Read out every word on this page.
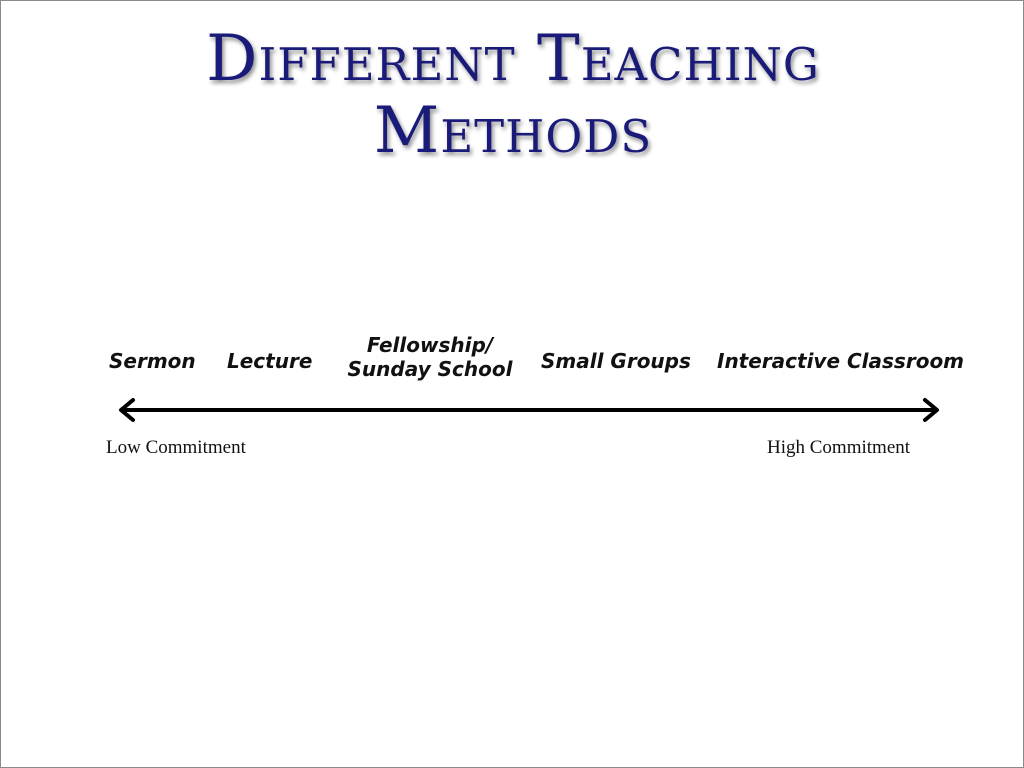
Different Teaching
Methods
Sermon Lecture
Fellowship/
Sunday School Small Groups Interactive Classroom
Low Commitment	High Commitment
